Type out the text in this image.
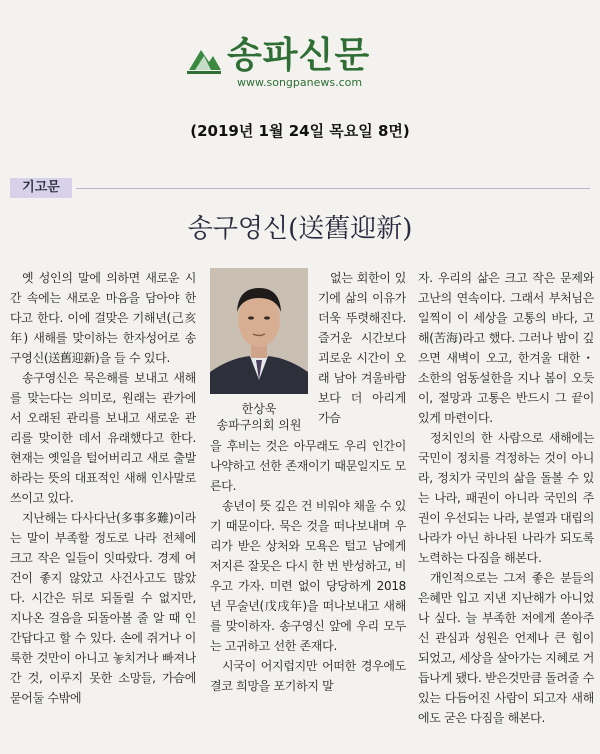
송파신문
www.songpanews.com
(2019년 1월 24일 목요일 8면)
기고문
송구영신(送舊迎新)

옛 성인의 말에 의하면 새로운 시간 속에는 새로운 마음을 담아야 한다고 한다. 이에 걸맞은 기해년(己亥年) 새해를 맞이하는 한자성어로 송구영신(送舊迎新)을 들 수 있다.

송구영신은 묵은해를 보내고 새해를 맞는다는 의미로, 원래는 관가에서 오래된 관리를 보내고 새로운 관리를 맞이한 데서 유래했다고 한다. 현재는 옛일을 털어버리고 새로 출발하라는 뜻의 대표적인 새해 인사말로 쓰이고 있다.

지난해는 다사다난(多事多難)이라는 말이 부족할 정도로 나라 전체에 크고 작은 일들이 잇따랐다. 경제 여건이 좋지 않았고 사건사고도 많았다. 시간은 뒤로 되돌릴 수 없지만, 지나온 걸음을 되돌아볼 줄 알 때 인간답다고 할 수 있다. 손에 쥐거나 이룩한 것만이 아니고 놓치거나 빠져나간 것, 이루지 못한 소망들, 가슴에 묻어둘 수밖에

한상욱
송파구의회 의원

없는 회한이 있기에 삶의 이유가 더욱 뚜렷해진다. 즐거운 시간보다 괴로운 시간이 오래 남아 겨울바람보다 더 아리게 가슴

을 후비는 것은 아무래도 우리 인간이 나약하고 선한 존재이기 때문일지도 모른다.

송년이 뜻 깊은 건 비워야 채울 수 있기 때문이다. 묵은 것을 떠나보내며 우리가 받은 상처와 모욕은 털고 남에게 저지른 잘못은 다시 한 번 반성하고, 비우고 가자. 미련 없이 당당하게 2018년 무술년(戊戌年)을 떠나보내고 새해를 맞이하자. 송구영신 앞에 우리 모두는 고귀하고 선한 존재다.

시국이 어지럽지만 어떠한 경우에도 결코 희망을 포기하지 말

자. 우리의 삶은 크고 작은 문제와 고난의 연속이다. 그래서 부처님은 일찍이 이 세상을 고통의 바다, 고해(苦海)라고 했다. 그러나 밤이 깊으면 새벽이 오고, 한겨울 대한・소한의 엄동설한을 지나 봄이 오듯이, 절망과 고통은 반드시 그 끝이 있게 마련이다.

정치인의 한 사람으로 새해에는 국민이 정치를 걱정하는 것이 아니라, 정치가 국민의 삶을 돌볼 수 있는 나라, 패권이 아니라 국민의 주권이 우선되는 나라, 분열과 대립의 나라가 아닌 하나된 나라가 되도록 노력하는 다짐을 해본다.

개인적으로는 그저 좋은 분들의 은혜만 입고 지낸 지난해가 아니었나 싶다. 늘 부족한 저에게 쏟아주신 관심과 성원은 언제나 큰 힘이 되었고, 세상을 살아가는 지혜로 거듭나게 됐다. 받은것만큼 돌려줄 수 있는 다듬어진 사람이 되고자 새해에도 굳은 다짐을 해본다.
